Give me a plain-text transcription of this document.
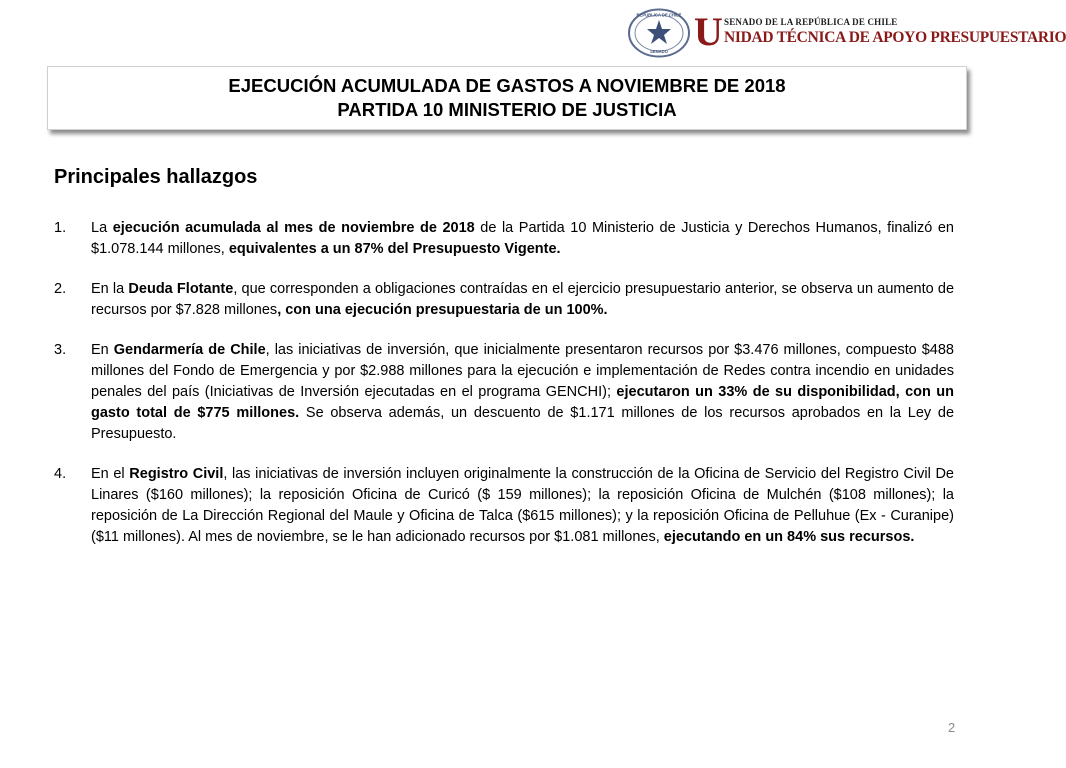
REPÚBLICA DE CHILE
SENADO U SENADO DE LA REPÚBLICA DE CHILE
NIDAD TÉCNICA DE APOYO PRESUPUESTARIO
EJECUCIÓN ACUMULADA DE GASTOS A NOVIEMBRE DE 2018
PARTIDA 10 MINISTERIO DE JUSTICIA
Principales hallazgos
1. La ejecución acumulada al mes de noviembre de 2018 de la Partida 10 Ministerio de Justicia y Derechos Humanos, finalizó en $1.078.144 millones, equivalentes a un 87% del Presupuesto Vigente.
2. En la Deuda Flotante, que corresponden a obligaciones contraídas en el ejercicio presupuestario anterior, se observa un aumento de recursos por $7.828 millones, con una ejecución presupuestaria de un 100%.
3. En Gendarmería de Chile, las iniciativas de inversión, que inicialmente presentaron recursos por $3.476 millones, compuesto $488 millones del Fondo de Emergencia y por $2.988 millones para la ejecución e implementación de Redes contra incendio en unidades penales del país (Iniciativas de Inversión ejecutadas en el programa GENCHI); ejecutaron un 33% de su disponibilidad, con un gasto total de $775 millones. Se observa además, un descuento de $1.171 millones de los recursos aprobados en la Ley de Presupuesto.
4. En el Registro Civil, las iniciativas de inversión incluyen originalmente la construcción de la Oficina de Servicio del Registro Civil De Linares ($160 millones); la reposición Oficina de Curicó ($ 159 millones); la reposición Oficina de Mulchén ($108 millones); la reposición de La Dirección Regional del Maule y Oficina de Talca ($615 millones); y la reposición Oficina de Pelluhue (Ex - Curanipe) ($11 millones). Al mes de noviembre, se le han adicionado recursos por $1.081 millones, ejecutando en un 84% sus recursos.
2
